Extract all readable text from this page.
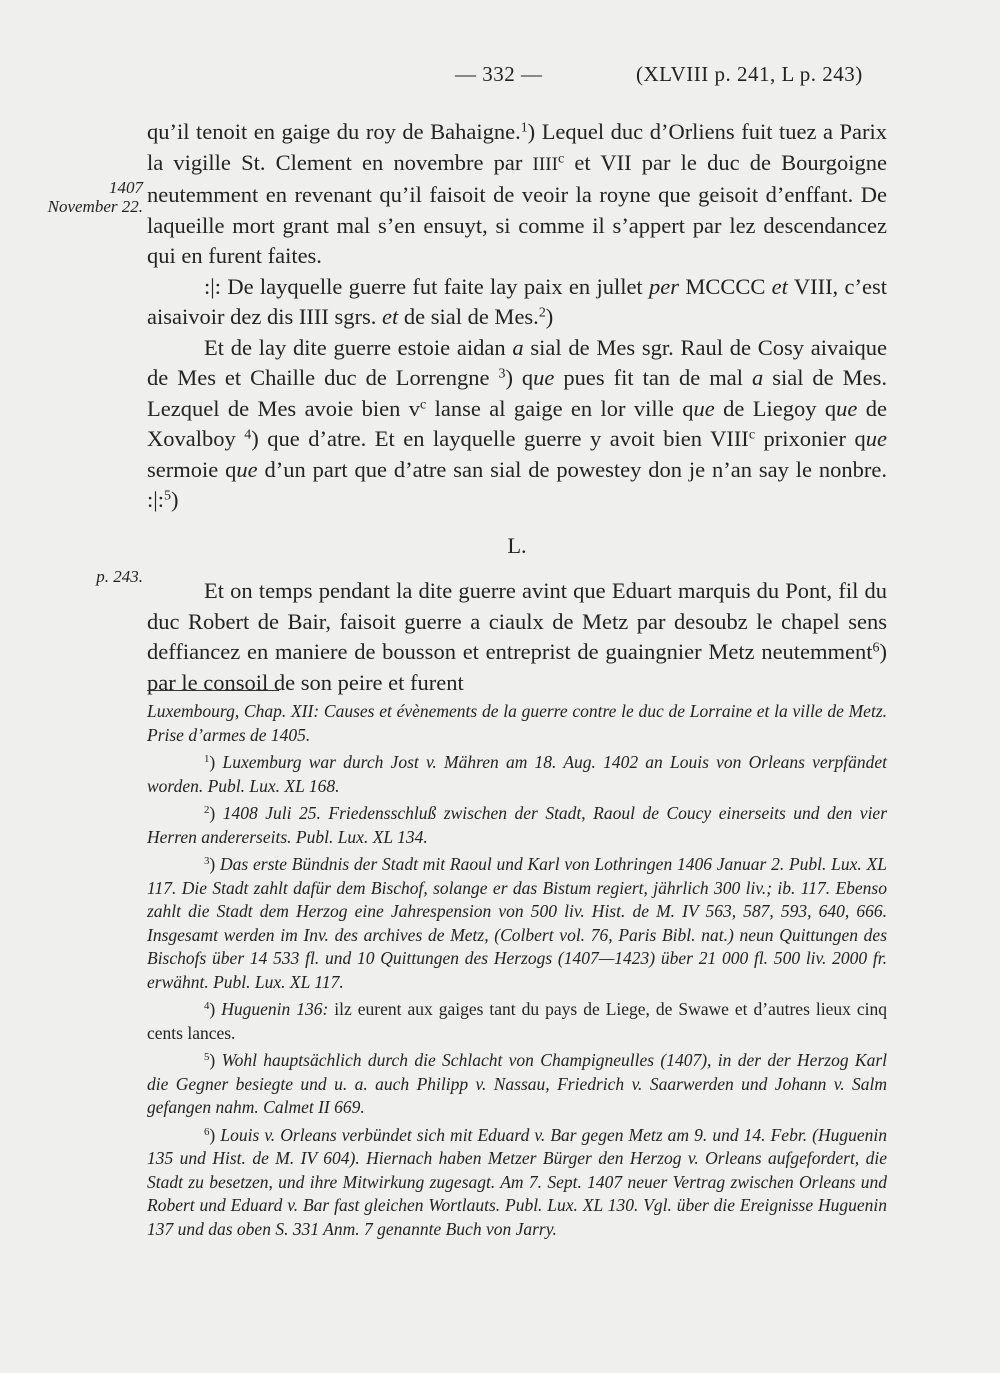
— 332 —	(XLVIII p. 241, L p. 243)
1407
November 22.
p. 243.

qu’il tenoit en gaige du roy de Bahaigne.$^1$) Lequel duc d’Orliens fuit tuez a Parix la vigille St. Clement en novembre par IIII$^c$ et VII par le duc de Bourgoigne neutemment en revenant qu’il faisoit de veoir la royne que geisoit d’enffant. De laqueille mort grant mal s’en ensuyt, si comme il s’appert par lez descendancez qui en furent faites.

:|: De layquelle guerre fut faite lay paix en jullet per MCCCC et VIII, c’est aisaivoir dez dis IIII sgrs. et de sial de Mes.$^2$)

Et de lay dite guerre estoie aidan a sial de Mes sgr. Raul de Cosy aivaique de Mes et Chaille duc de Lorrengne $^3$) que pues fit tan de mal a sial de Mes. Lezquel de Mes avoie bien $v^c$ lanse al gaige en lor ville que de Liegoy que de Xovalboy $^4$) que d’atre. Et en layquelle guerre y avoit bien VIII$^c$ prixonier que sermoie que d’un part que d’atre san sial de powestey don je n’an say le nonbre. :|:$^5$)

L.

Et on temps pendant la dite guerre avint que Eduart marquis du Pont, fil du duc Robert de Bair, faisoit guerre a ciaulx de Metz par desoubz le chapel sens deffiancez en maniere de bousson et entreprist de guaingnier Metz neutemment$^6$) par le consoil de son peire et furent

Luxembourg, Chap. XII: Causes et évènements de la guerre contre le duc de Lorraine et la ville de Metz. Prise d’armes de 1405.

$^1$) Luxemburg war durch Jost v. Mähren am 18. Aug. 1402 an Louis von Orleans verpfändet worden. Publ. Lux. XL 168.

$^2$) 1408 Juli 25. Friedensschluß zwischen der Stadt, Raoul de Coucy einerseits und den vier Herren andererseits. Publ. Lux. XL 134.

$^3$) Das erste Bündnis der Stadt mit Raoul und Karl von Lothringen 1406 Januar 2. Publ. Lux. XL 117. Die Stadt zahlt dafür dem Bischof, solange er das Bistum regiert, jährlich 300 liv.; ib. 117. Ebenso zahlt die Stadt dem Herzog eine Jahrespension von 500 liv. Hist. de M. IV 563, 587, 593, 640, 666. Insgesamt werden im Inv. des archives de Metz, (Colbert vol. 76, Paris Bibl. nat.) neun Quittungen des Bischofs über 14 533 fl. und 10 Quittungen des Herzogs (1407—1423) über 21 000 fl. 500 liv. 2000 fr. erwähnt. Publ. Lux. XL 117.

$^4$) Huguenin 136: ilz eurent aux gaiges tant du pays de Liege, de Swawe et d’autres lieux cinq cents lances.

$^5$) Wohl hauptsächlich durch die Schlacht von Champigneulles (1407), in der der Herzog Karl die Gegner besiegte und u. a. auch Philipp v. Nassau, Friedrich v. Saarwerden und Johann v. Salm gefangen nahm. Calmet II 669.

$^6$) Louis v. Orleans verbündet sich mit Eduard v. Bar gegen Metz am 9. und 14. Febr. (Huguenin 135 und Hist. de M. IV 604). Hiernach haben Metzer Bürger den Herzog v. Orleans aufgefordert, die Stadt zu besetzen, und ihre Mitwirkung zugesagt. Am 7. Sept. 1407 neuer Vertrag zwischen Orleans und Robert und Eduard v. Bar fast gleichen Wortlauts. Publ. Lux. XL 130. Vgl. über die Ereignisse Huguenin 137 und das oben S. 331 Anm. 7 genannte Buch von Jarry.
